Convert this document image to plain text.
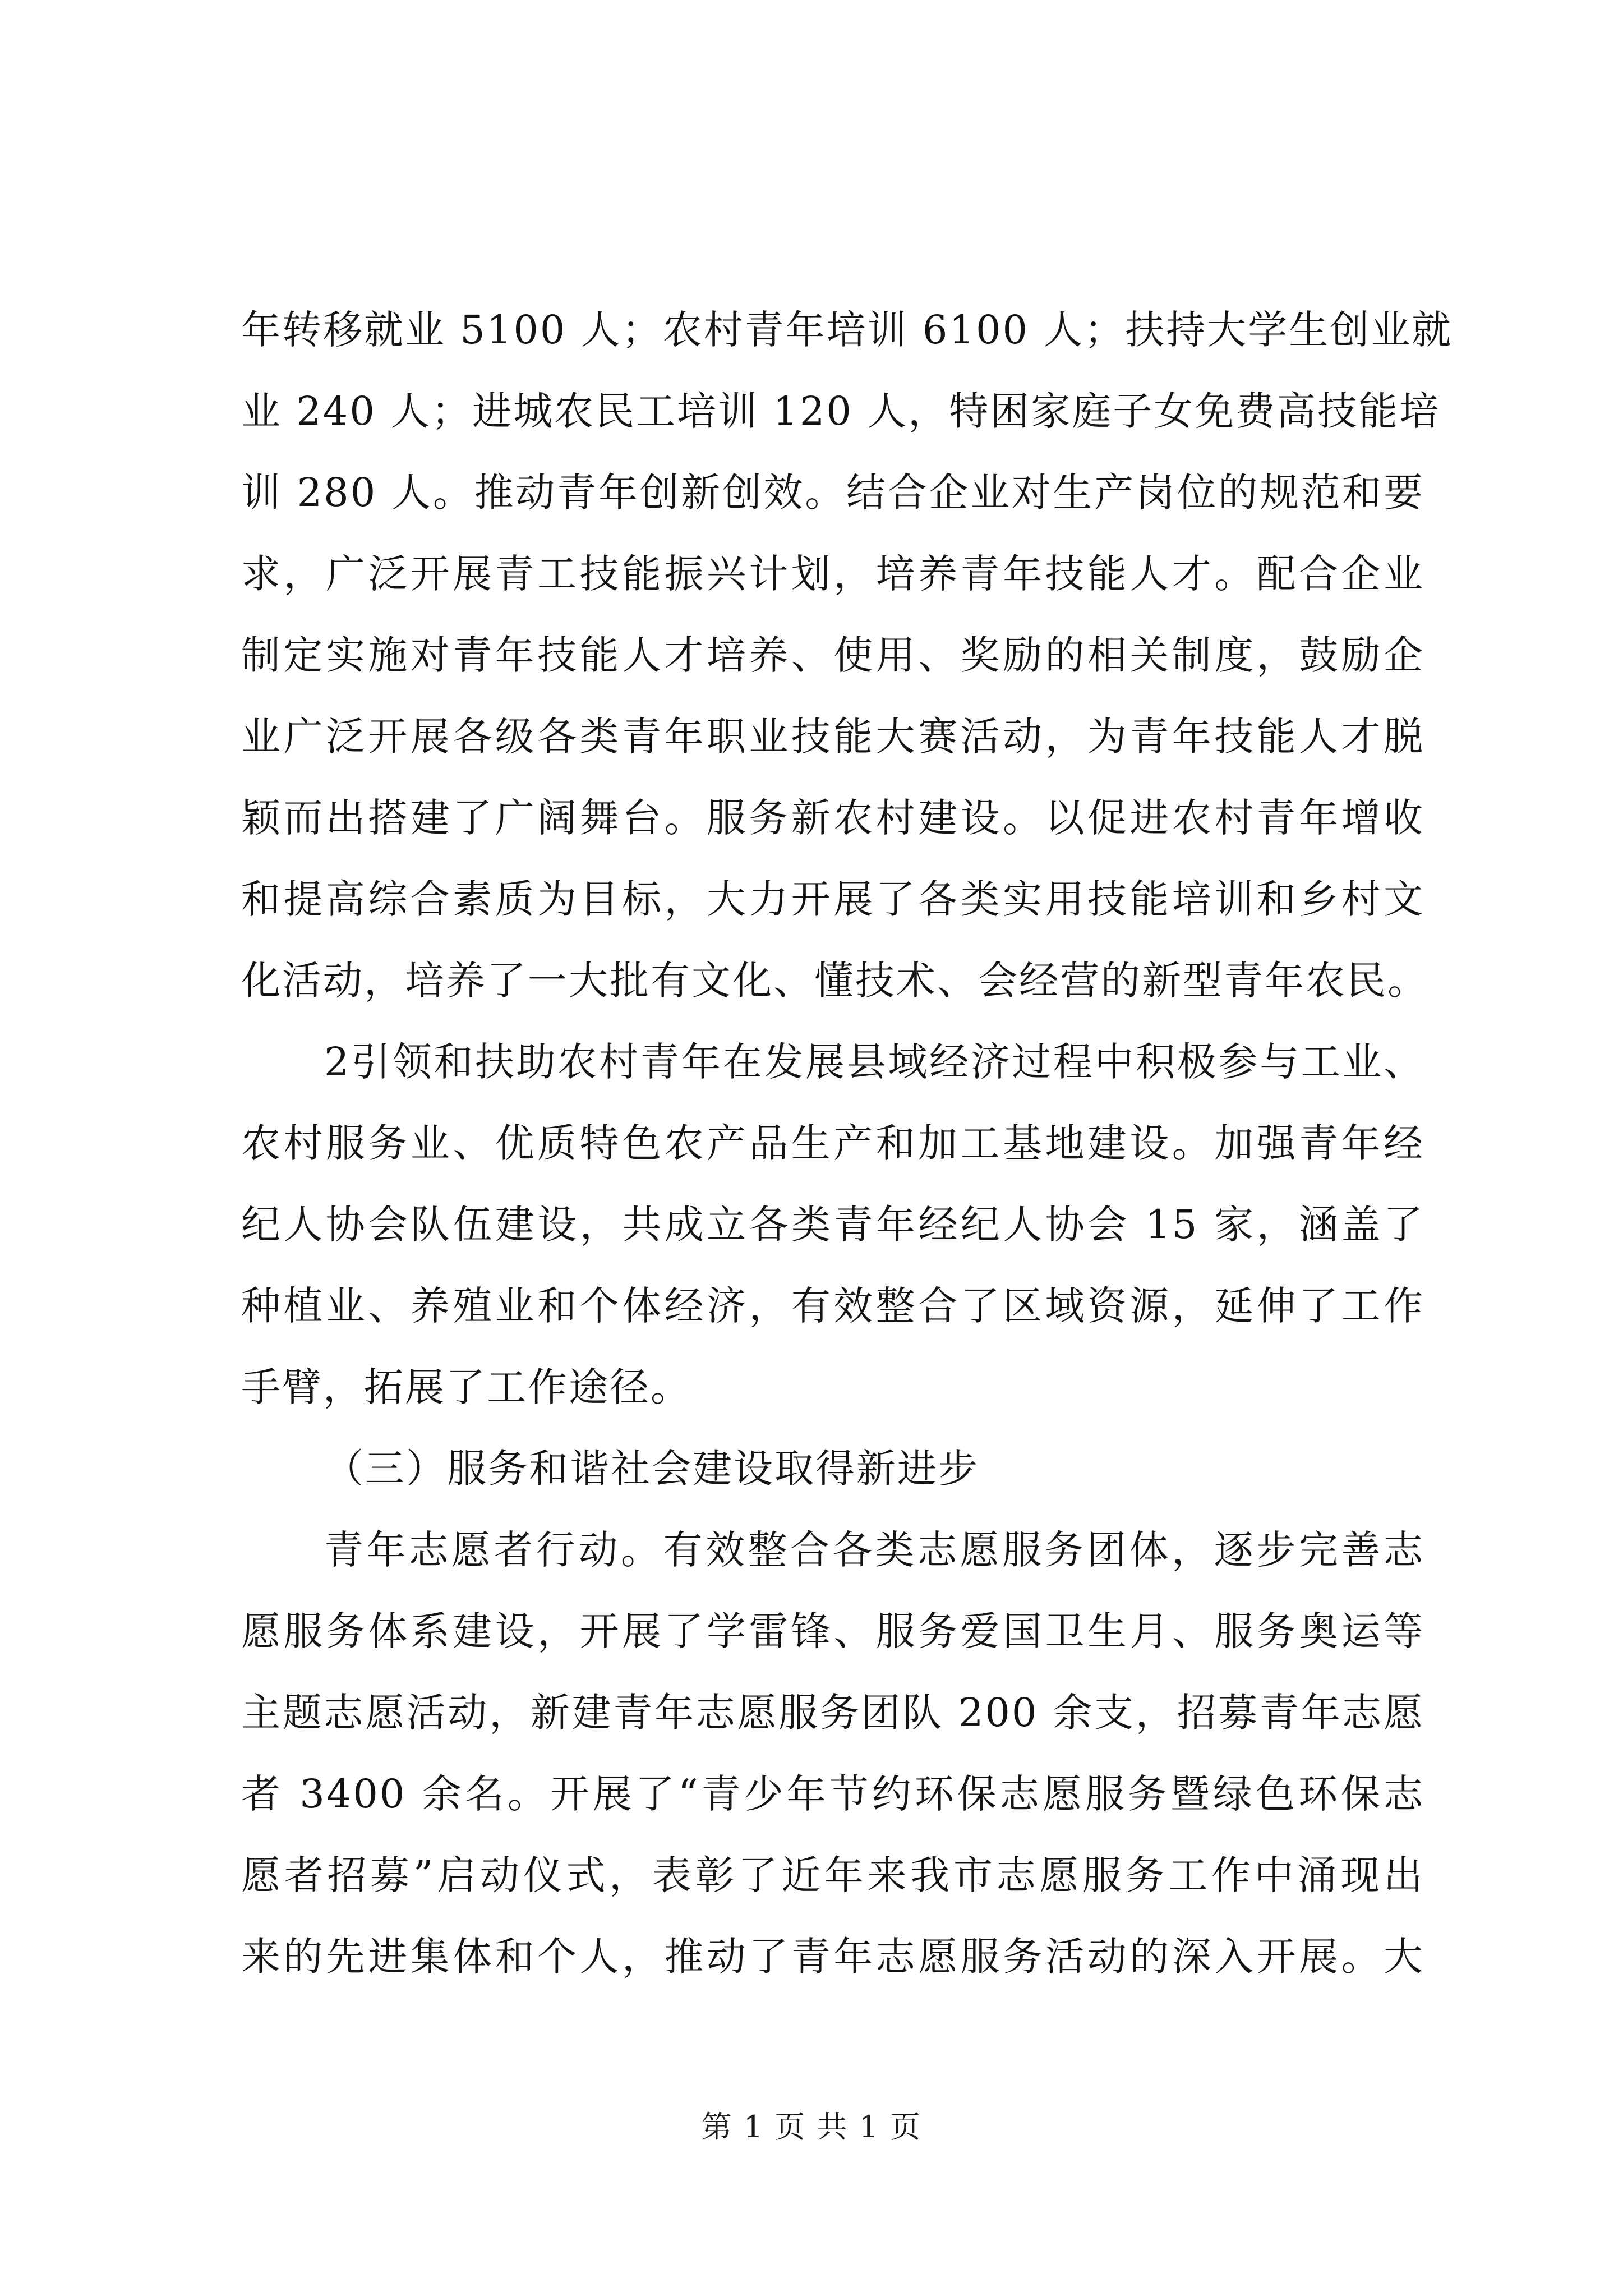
年转移就业 5100 人；农村青年培训 6100 人；扶持大学生创业就
业 240 人；进城农民工培训 120 人，特困家庭子女免费高技能培
训 280 人。推动青年创新创效。结合企业对生产岗位的规范和要
求，广泛开展青工技能振兴计划，培养青年技能人才。配合企业
制定实施对青年技能人才培养、使用、奖励的相关制度，鼓励企
业广泛开展各级各类青年职业技能大赛活动，为青年技能人才脱
颖而出搭建了广阔舞台。服务新农村建设。以促进农村青年增收
和提高综合素质为目标，大力开展了各类实用技能培训和乡村文
化活动，培养了一大批有文化、懂技术、会经营的新型青年农民。
2引领和扶助农村青年在发展县域经济过程中积极参与工业、
农村服务业、优质特色农产品生产和加工基地建设。加强青年经
纪人协会队伍建设，共成立各类青年经纪人协会 15 家，涵盖了
种植业、养殖业和个体经济，有效整合了区域资源，延伸了工作
手臂，拓展了工作途径。
（三）服务和谐社会建设取得新进步
青年志愿者行动。有效整合各类志愿服务团体，逐步完善志
愿服务体系建设，开展了学雷锋、服务爱国卫生月、服务奥运等
主题志愿活动，新建青年志愿服务团队 200 余支，招募青年志愿
者 3400 余名。开展了“青少年节约环保志愿服务暨绿色环保志
愿者招募”启动仪式，表彰了近年来我市志愿服务工作中涌现出
来的先进集体和个人，推动了青年志愿服务活动的深入开展。大
第 1 页 共 1 页
